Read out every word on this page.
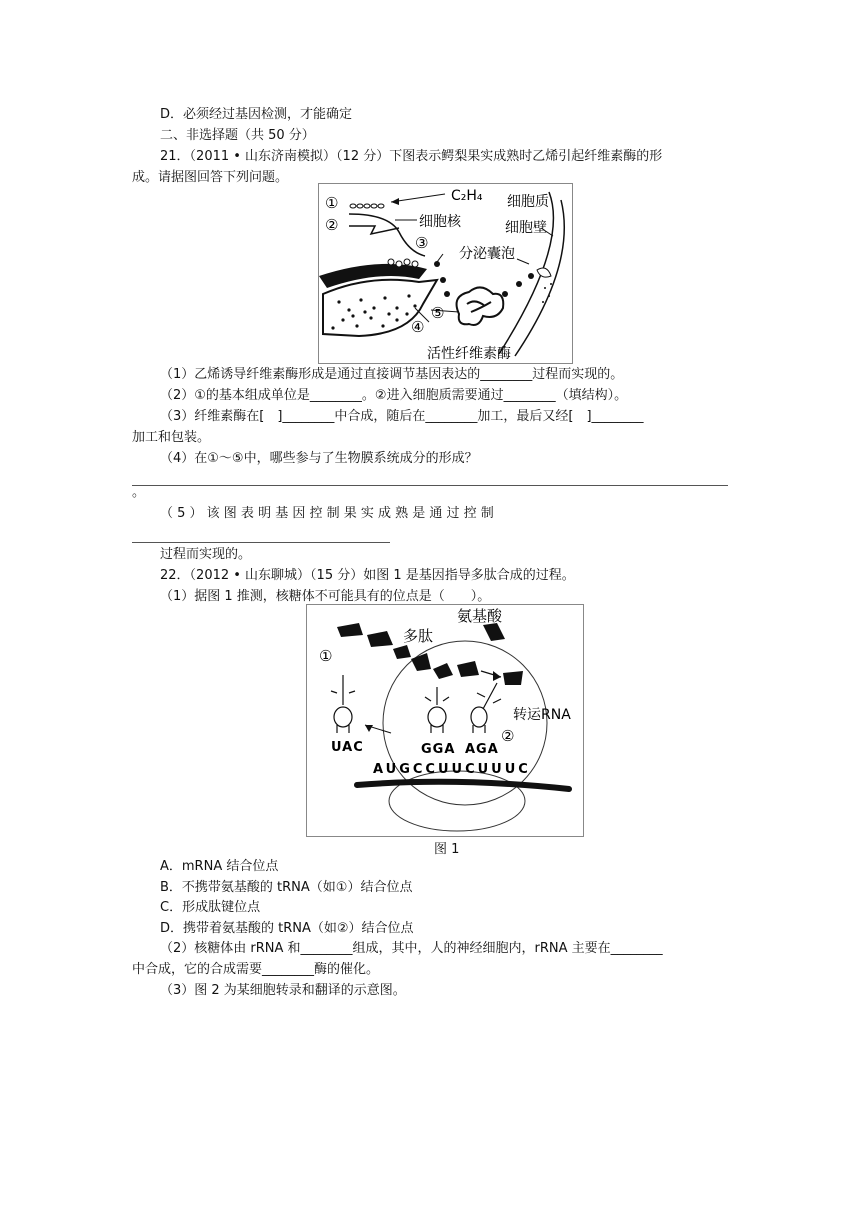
D．必须经过基因检测，才能确定
二、非选择题（共 50 分）
21．（2011 • 山东济南模拟）（12 分）下图表示鳄梨果实成熟时乙烯引起纤维素酶的形
成。请据图回答下列问题。
C₂H₄ 细胞质
细胞核	细胞壁
分泌囊泡
活性纤维素酶
①
②
③
④
⑤
（1）乙烯诱导纤维素酶形成是通过直接调节基因表达的________过程而实现的。
（2）①的基本组成单位是________。②进入细胞质需要通过________（填结构）。
（3）纤维素酶在[　]________中合成，随后在________加工，最后又经[　]________
加工和包装。
（4）在①～⑤中，哪些参与了生物膜系统成分的形成？
。
（ 5 ） 该 图 表 明 基 因 控 制 果 实 成 熟 是 通 过 控 制
过程而实现的。
22．（2012 • 山东聊城）（15 分）如图 1 是基因指导多肽合成的过程。
（1）据图 1 推测，核糖体不可能具有的位点是（　　）。
氨基酸
多肽
转运RNA
①
②
UAC	GGA AGA
AUGCCUUCUUUC
图 1
A．mRNA 结合位点
B．不携带氨基酸的 tRNA（如①）结合位点
C．形成肽键位点
D．携带着氨基酸的 tRNA（如②）结合位点
（2）核糖体由 rRNA 和________组成，其中，人的神经细胞内，rRNA 主要在________
中合成，它的合成需要________酶的催化。
（3）图 2 为某细胞转录和翻译的示意图。
